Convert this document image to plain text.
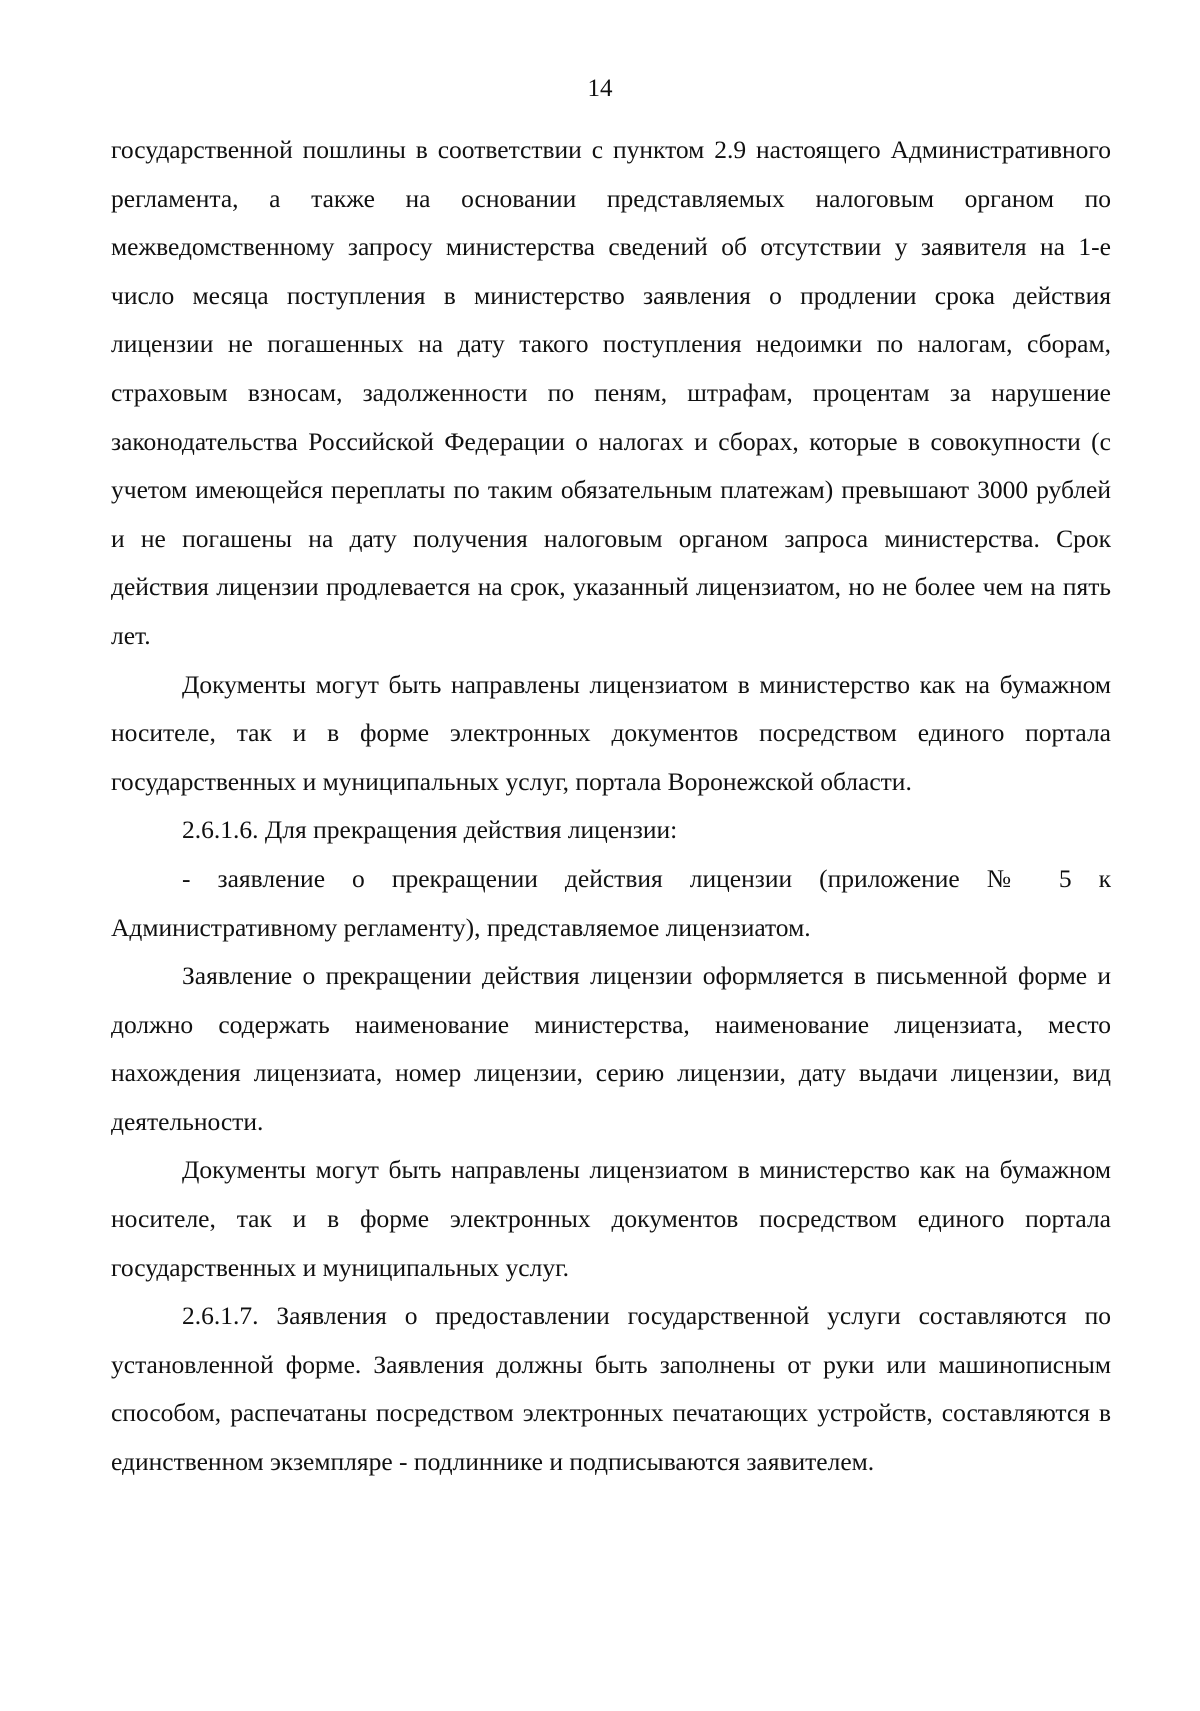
14

государственной пошлины в соответствии с пунктом 2.9 настоящего Административного регламента, а также на основании представляемых налоговым органом по межведомственному запросу министерства сведений об отсутствии у заявителя на 1-е число месяца поступления в министерство заявления о продлении срока действия лицензии не погашенных на дату такого поступления недоимки по налогам, сборам, страховым взносам, задолженности по пеням, штрафам, процентам за нарушение законодательства Российской Федерации о налогах и сборах, которые в совокупности (с учетом имеющейся переплаты по таким обязательным платежам) превышают 3000 рублей и не погашены на дату получения налоговым органом запроса министерства. Срок действия лицензии продлевается на срок, указанный лицензиатом, но не более чем на пять лет.

Документы могут быть направлены лицензиатом в министерство как на бумажном носителе, так и в форме электронных документов посредством единого портала государственных и муниципальных услуг, портала Воронежской области.

2.6.1.6. Для прекращения действия лицензии:

- заявление о прекращении действия лицензии (приложение № 5 к Административному регламенту), представляемое лицензиатом.

Заявление о прекращении действия лицензии оформляется в письменной форме и должно содержать наименование министерства, наименование лицензиата, место нахождения лицензиата, номер лицензии, серию лицензии, дату выдачи лицензии, вид деятельности.

Документы могут быть направлены лицензиатом в министерство как на бумажном носителе, так и в форме электронных документов посредством единого портала государственных и муниципальных услуг.

2.6.1.7. Заявления о предоставлении государственной услуги составляются по установленной форме. Заявления должны быть заполнены от руки или машинописным способом, распечатаны посредством электронных печатающих устройств, составляются в единственном экземпляре - подлиннике и подписываются заявителем.
